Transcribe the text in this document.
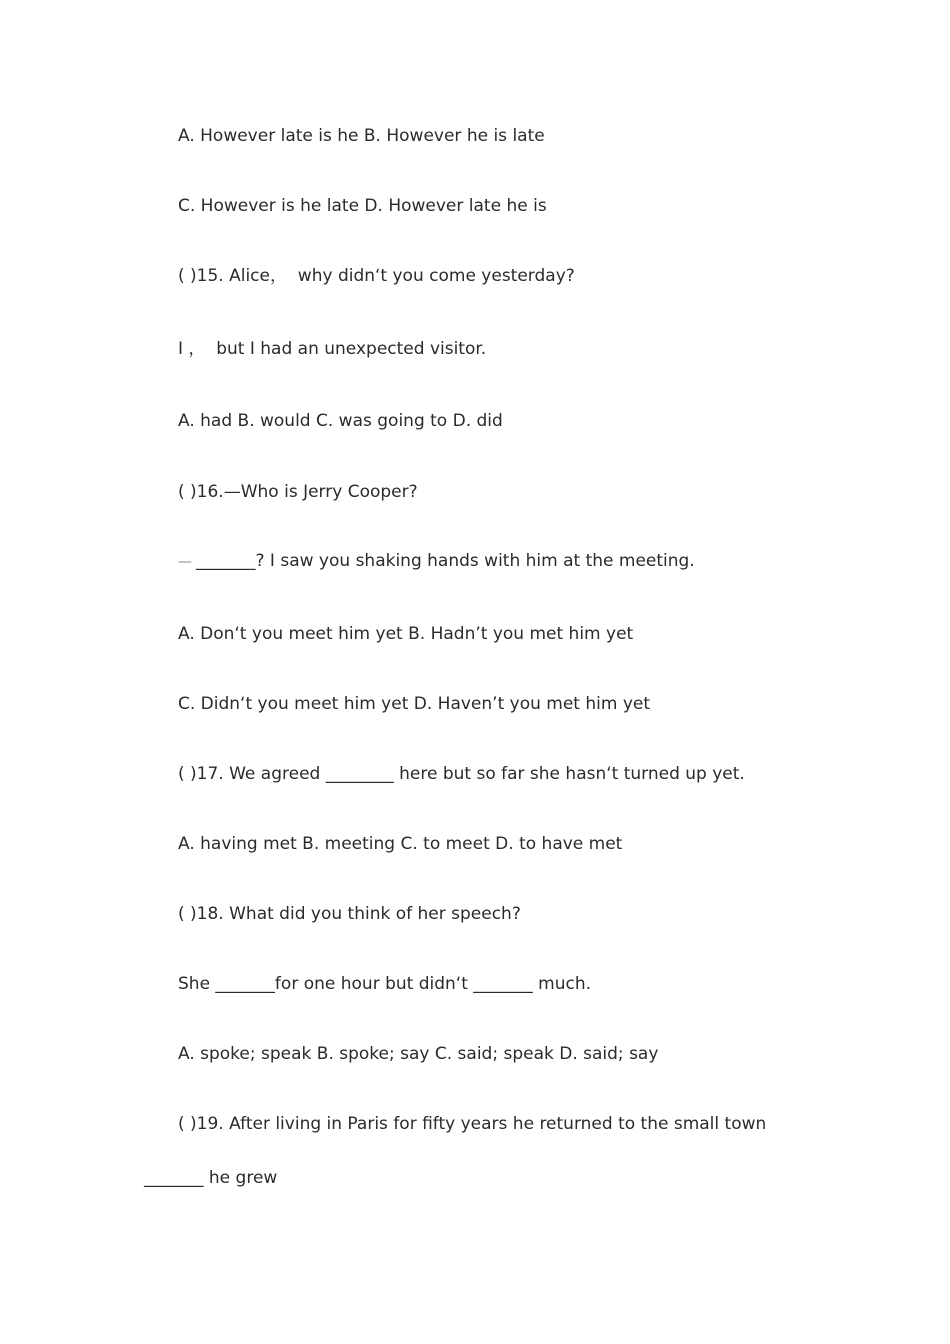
A. However late is he B. However he is late

C. However is he late D. However late he is

( )15. Alice，  why didn‘t you come yesterday?

I ，  but I had an unexpected visitor.

A. had B. would C. was going to D. did

( )16.—Who is Jerry Cooper?

— _______? I saw you shaking hands with him at the meeting.

A. Don‘t you meet him yet B. Hadn’t you met him yet

C. Didn‘t you meet him yet D. Haven’t you met him yet

( )17. We agreed ________ here but so far she hasn‘t turned up yet.

A. having met B. meeting C. to meet D. to have met

( )18. What did you think of her speech?

She _______for one hour but didn‘t _______ much.

A. spoke; speak B. spoke; say C. said; speak D. said; say

( )19. After living in Paris for fifty years he returned to the small town

_______ he grew
